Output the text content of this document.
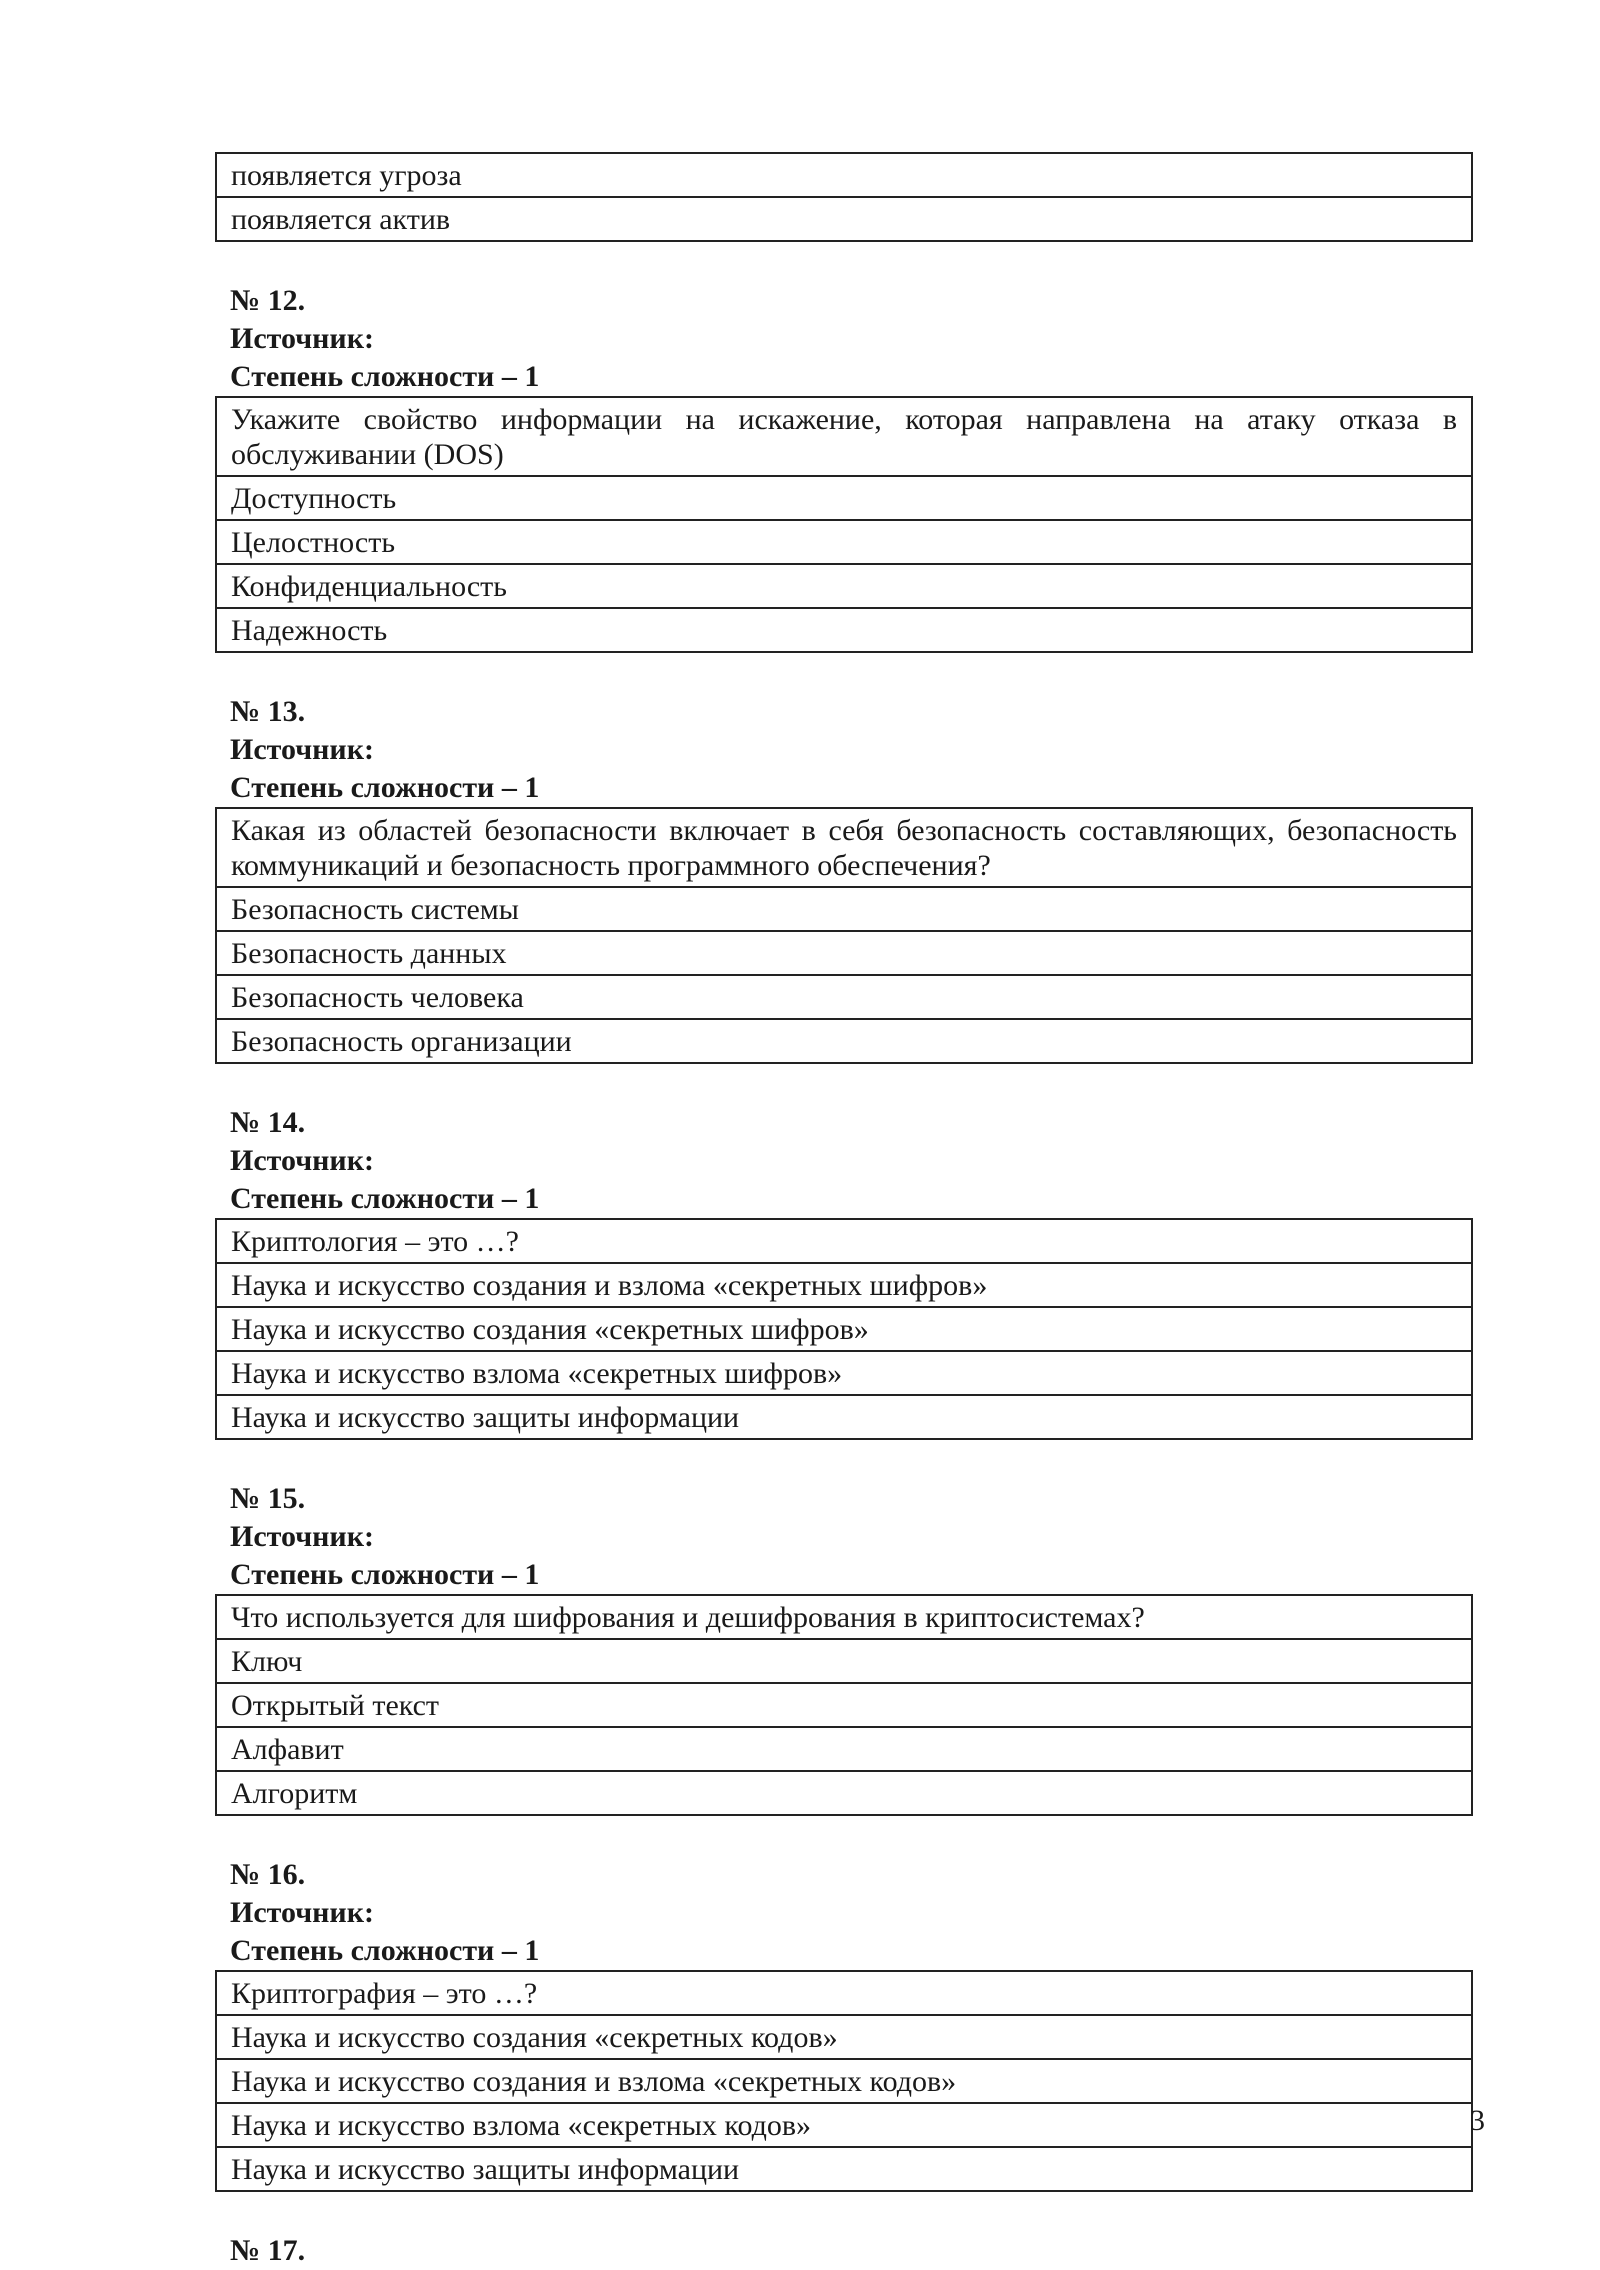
появляется угроза
появляется актив
№ 12.
Источник:
Степень сложности – 1
Укажите свойство информации на искажение, которая направлена на атаку отказа в обслуживании (DOS)
Доступность
Целостность
Конфиденциальность
Надежность
№ 13.
Источник:
Степень сложности – 1
Какая из областей безопасности включает в себя безопасность составляющих, безопасность коммуникаций и безопасность программного обеспечения?
Безопасность системы
Безопасность данных
Безопасность человека
Безопасность организации
№ 14.
Источник:
Степень сложности – 1
Криптология – это …?
Наука и искусство создания и взлома «секретных шифров»
Наука и искусство создания «секретных шифров»
Наука и искусство взлома «секретных шифров»
Наука и искусство защиты информации
№ 15.
Источник:
Степень сложности – 1
Что используется для шифрования и дешифрования в криптосистемах?
Ключ
Открытый текст
Алфавит
Алгоритм
№ 16.
Источник:
Степень сложности – 1
Криптография – это …?
Наука и искусство создания «секретных кодов»
Наука и искусство создания и взлома «секретных кодов»
Наука и искусство взлома «секретных кодов»
Наука и искусство защиты информации
№ 17.
3
